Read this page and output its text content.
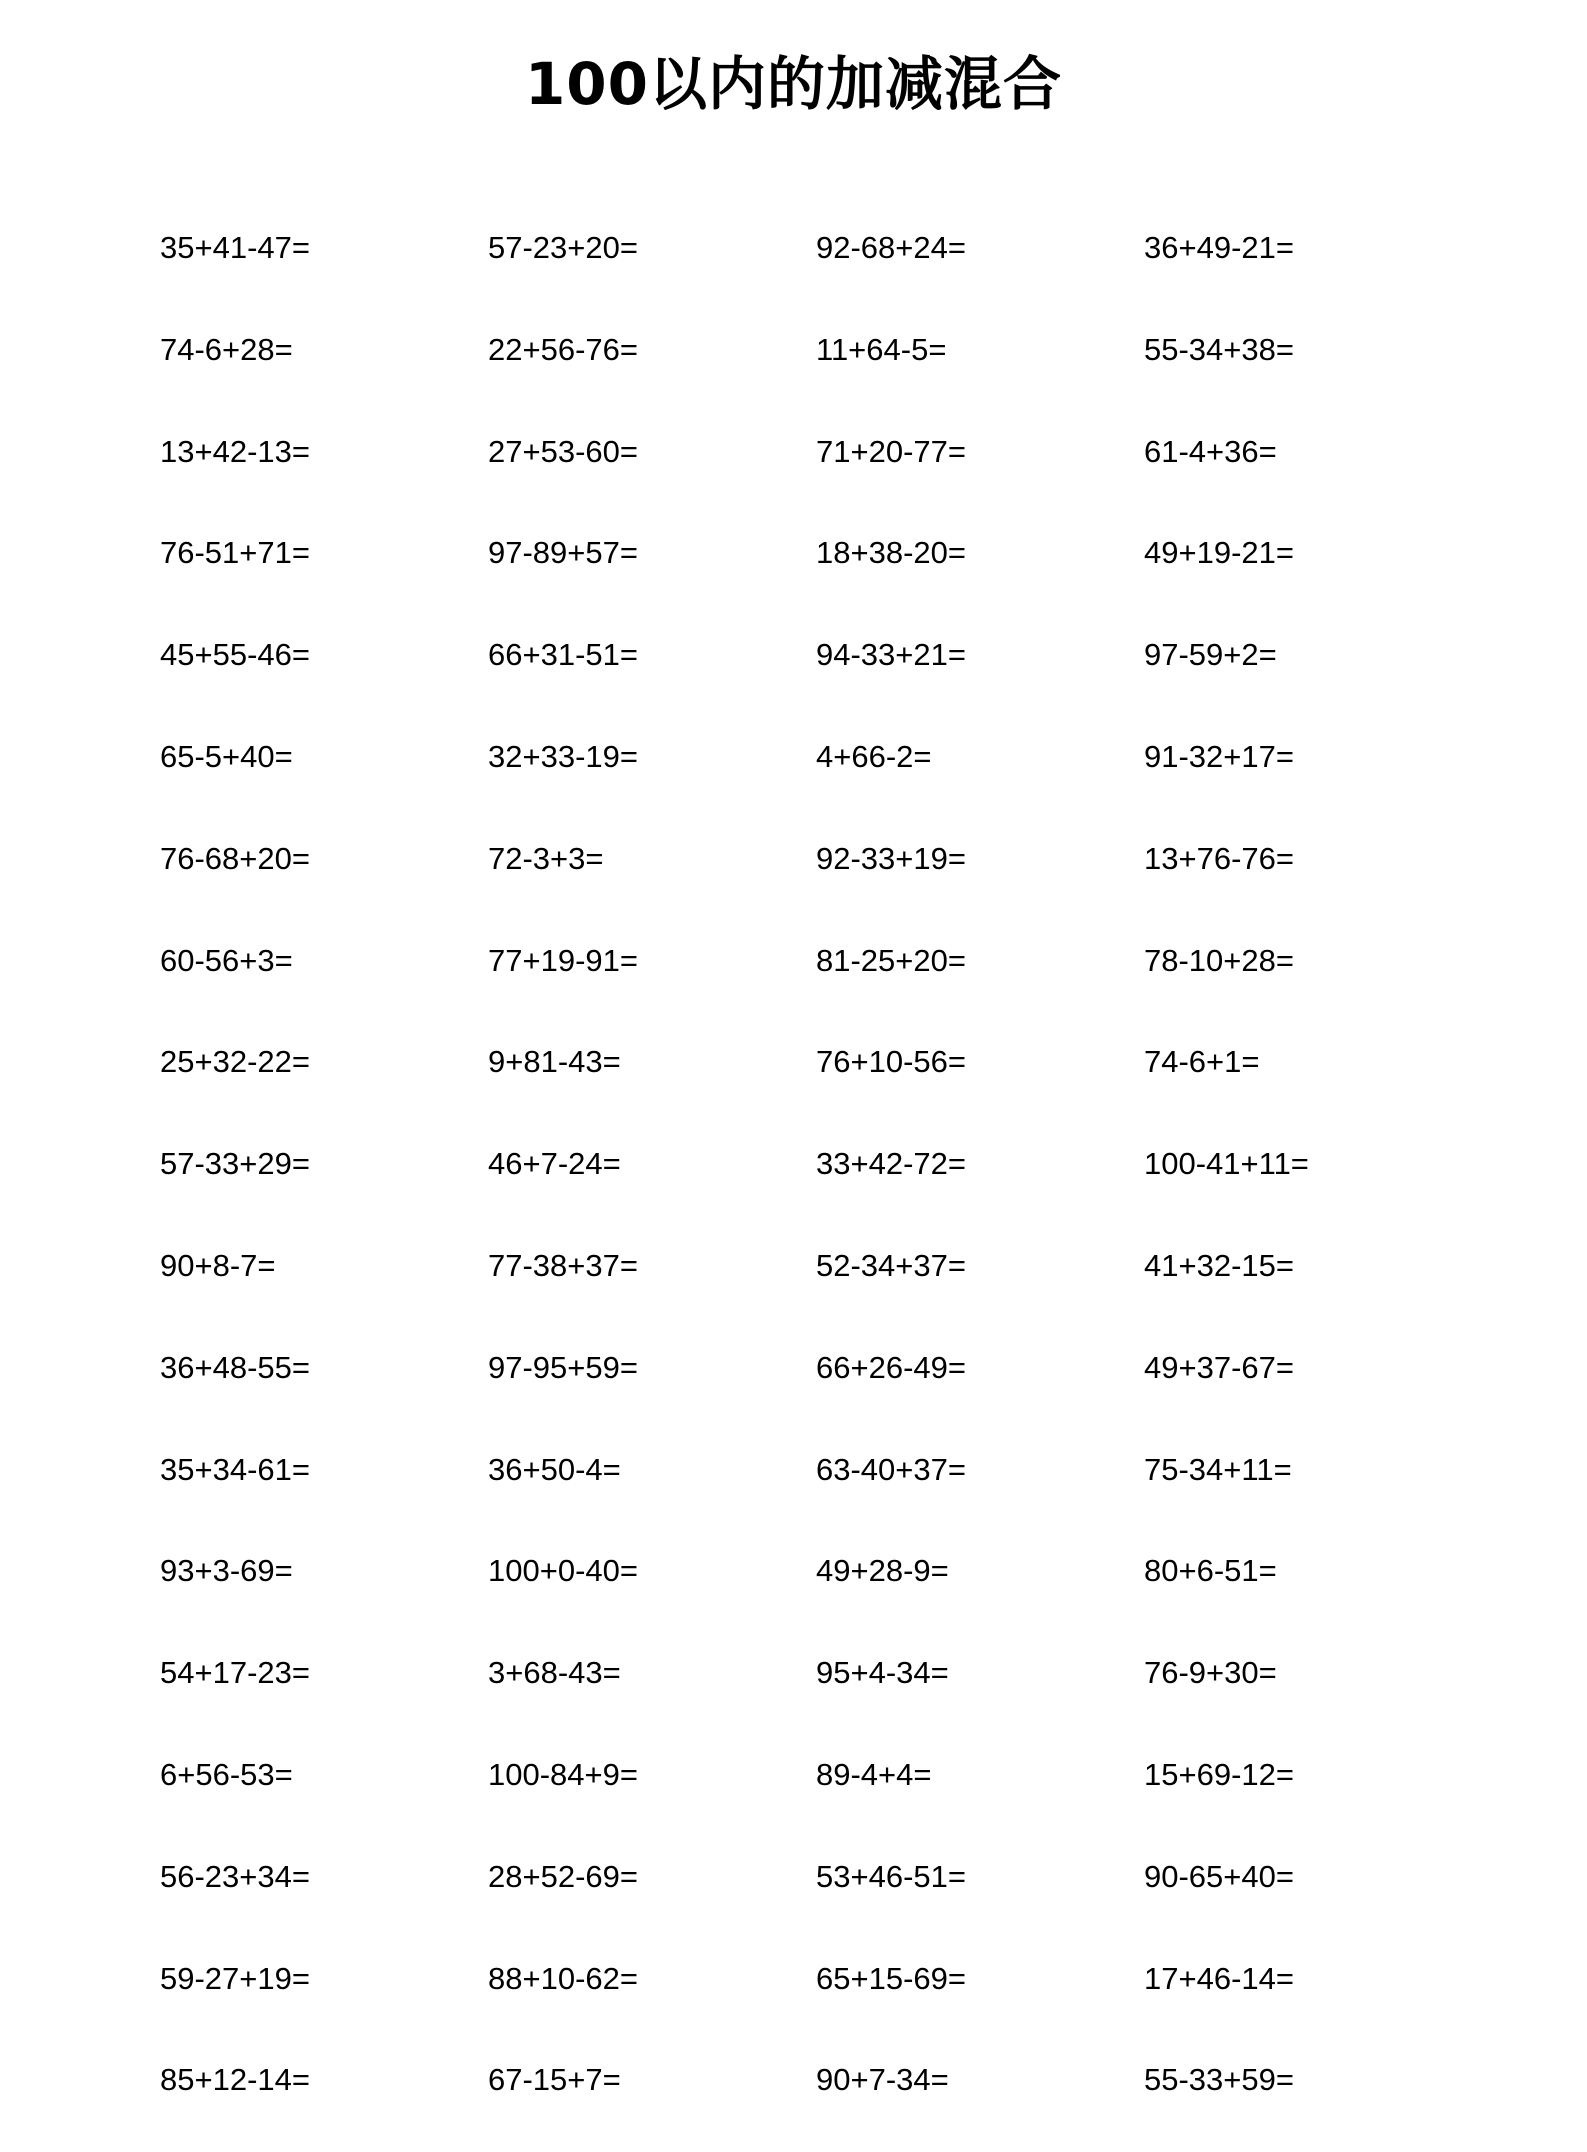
100以内的加减混合
35+41-47=	57-23+20=	92-68+24=	36+49-21=
74-6+28=	22+56-76=	11+64-5=	55-34+38=
13+42-13=	27+53-60=	71+20-77=	61-4+36=
76-51+71=	97-89+57=	18+38-20=	49+19-21=
45+55-46=	66+31-51=	94-33+21=	97-59+2=
65-5+40=	32+33-19=	4+66-2=	91-32+17=
76-68+20=	72-3+3=	92-33+19=	13+76-76=
60-56+3=	77+19-91=	81-25+20=	78-10+28=
25+32-22=	9+81-43=	76+10-56=	74-6+1=
57-33+29=	46+7-24=	33+42-72=	100-41+11=
90+8-7=	77-38+37=	52-34+37=	41+32-15=
36+48-55=	97-95+59=	66+26-49=	49+37-67=
35+34-61=	36+50-4=	63-40+37=	75-34+11=
93+3-69=	100+0-40=	49+28-9=	80+6-51=
54+17-23=	3+68-43=	95+4-34=	76-9+30=
6+56-53=	100-84+9=	89-4+4=	15+69-12=
56-23+34=	28+52-69=	53+46-51=	90-65+40=
59-27+19=	88+10-62=	65+15-69=	17+46-14=
85+12-14=	67-15+7=	90+7-34=	55-33+59=
